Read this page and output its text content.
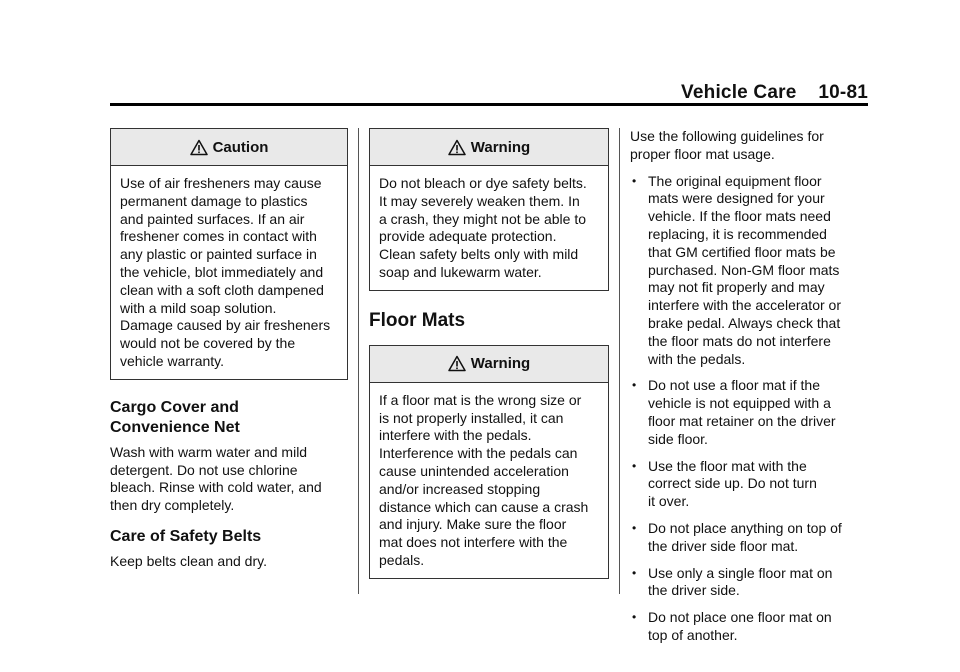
Vehicle Care 10-81
Caution
Use of air fresheners may cause
permanent damage to plastics
and painted surfaces. If an air
freshener comes in contact with
any plastic or painted surface in
the vehicle, blot immediately and
clean with a soft cloth dampened
with a mild soap solution.
Damage caused by air fresheners
would not be covered by the
vehicle warranty.
Cargo Cover and
Convenience Net
Wash with warm water and mild
detergent. Do not use chlorine
bleach. Rinse with cold water, and
then dry completely.
Care of Safety Belts
Keep belts clean and dry.
Warning
Do not bleach or dye safety belts.
It may severely weaken them. In
a crash, they might not be able to
provide adequate protection.
Clean safety belts only with mild
soap and lukewarm water.
Floor Mats
Warning
If a floor mat is the wrong size or
is not properly installed, it can
interfere with the pedals.
Interference with the pedals can
cause unintended acceleration
and/or increased stopping
distance which can cause a crash
and injury. Make sure the floor
mat does not interfere with the
pedals.
Use the following guidelines for
proper floor mat usage.
• The original equipment floor
mats were designed for your
vehicle. If the floor mats need
replacing, it is recommended
that GM certified floor mats be
purchased. Non-GM floor mats
may not fit properly and may
interfere with the accelerator or
brake pedal. Always check that
the floor mats do not interfere
with the pedals.
• Do not use a floor mat if the
vehicle is not equipped with a
floor mat retainer on the driver
side floor.
• Use the floor mat with the
correct side up. Do not turn
it over.
• Do not place anything on top of
the driver side floor mat.
• Use only a single floor mat on
the driver side.
• Do not place one floor mat on
top of another.
